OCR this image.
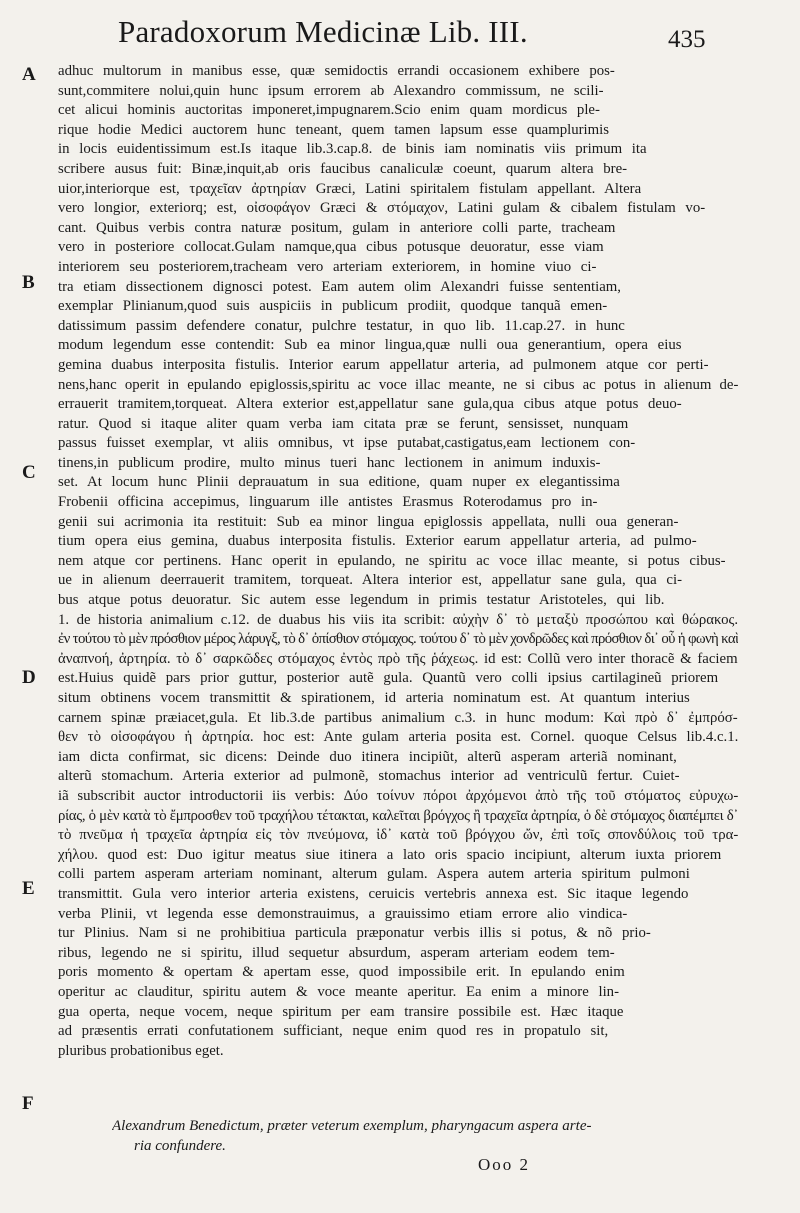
Paradoxorum Medicinæ Lib. III.	435
A
B
C
D
E
F
adhuc multorum in manibus esse, quæ semidoctis errandi occasionem exhibere pos-
sunt,commitere nolui,quin hunc ipsum errorem ab Alexandro commissum, ne scili-
cet alicui hominis auctoritas imponeret,impugnarem.Scio enim quam mordicus ple-
rique hodie Medici auctorem hunc teneant, quem tamen lapsum esse quamplurimis
in locis euidentissimum est.Is itaque lib.3.cap.8. de binis iam nominatis viis primum ita
scribere ausus fuit: Binæ,inquit,ab oris faucibus canaliculæ coeunt, quarum altera bre-
uior,interiorque est, τραχεῖαν ἀρτηρίαν Græci, Latini spiritalem fistulam appellant. Altera
vero longior, exteriorq; est, οἰσοφάγον Græci & στόμαχον, Latini gulam & cibalem fistulam vo-
cant. Quibus verbis contra naturæ positum, gulam in anteriore colli parte, tracheam
vero in posteriore collocat.Gulam namque,qua cibus potusque deuoratur, esse viam
interiorem seu posteriorem,tracheam vero arteriam exteriorem, in homine viuo ci-
tra etiam dissectionem dignosci potest. Eam autem olim Alexandri fuisse sententiam,
exemplar Plinianum,quod suis auspiciis in publicum prodiit, quodque tanquã emen-
datissimum passim defendere conatur, pulchre testatur, in quo lib. 11.cap.27. in hunc
modum legendum esse contendit: Sub ea minor lingua,quæ nulli oua generantium, opera eius
gemina duabus interposita fistulis. Interior earum appellatur arteria, ad pulmonem atque cor perti-
nens,hanc operit in epulando epiglossis,spiritu ac voce illac meante, ne si cibus ac potus in alienum de-
errauerit tramitem,torqueat. Altera exterior est,appellatur sane gula,qua cibus atque potus deuo-
ratur. Quod si itaque aliter quam verba iam citata præ se ferunt, sensisset, nunquam
passus fuisset exemplar, vt aliis omnibus, vt ipse putabat,castigatus,eam lectionem con-
tinens,in publicum prodire, multo minus tueri hanc lectionem in animum induxis-
set. At locum hunc Plinii deprauatum in sua editione, quam nuper ex elegantissima
Frobenii officina accepimus, linguarum ille antistes Erasmus Roterodamus pro in-
genii sui acrimonia ita restituit: Sub ea minor lingua epiglossis appellata, nulli oua generan-
tium opera eius gemina, duabus interposita fistulis. Exterior earum appellatur arteria, ad pulmo-
nem atque cor pertinens. Hanc operit in epulando, ne spiritu ac voce illac meante, si potus cibus-
ue in alienum deerrauerit tramitem, torqueat. Altera interior est, appellatur sane gula, qua ci-
bus atque potus deuoratur. Sic autem esse legendum in primis testatur Aristoteles, qui lib.
1. de historia animalium c.12. de duabus his viis ita scribit: αὐχὴν δ᾽ τὸ μεταξὺ προσώπου καὶ θώρακος.
ἐν τούτου τὸ μὲν πρόσθιον μέρος λάρυγξ, τὸ δ᾽ ὀπίσθιον στόμαχος. τούτου δ᾽ τὸ μὲν χονδρῶδες καὶ πρόσθιον δι᾽ οὗ ἡ φωνὴ καὶ
ἀναπνοή, ἀρτηρία. τὸ δ᾽ σαρκῶδες στόμαχος ἐντὸς πρὸ τῆς ῥάχεως. id est: Collũ vero inter thoracẽ & faciem
est.Huius quidẽ pars prior guttur, posterior autẽ gula. Quantũ vero colli ipsius cartilagineũ priorem
situm obtinens vocem transmittit & spirationem, id arteria nominatum est. At quantum interius
carnem spinæ præiacet,gula. Et lib.3.de partibus animalium c.3. in hunc modum: Καὶ πρὸ δ᾽ ἐμπρόσ-
θεν τὸ οἰσοφάγου ἡ ἀρτηρία. hoc est: Ante gulam arteria posita est. Cornel. quoque Celsus lib.4.c.1.
iam dicta confirmat, sic dicens: Deinde duo itinera incipiũt, alterũ asperam arteriã nominant,
alterũ stomachum. Arteria exterior ad pulmonẽ, stomachus interior ad ventriculũ fertur. Cuiet-
iã subscribit auctor introductorii iis verbis: Δύο τοίνυν πόροι ἀρχόμενοι ἀπὸ τῆς τοῦ στόματος εὐρυχω-
ρίας, ὁ μὲν κατὰ τὸ ἔμπροσθεν τοῦ τραχήλου τέτακται, καλεῖται βρόγχος ἢ τραχεῖα ἀρτηρία, ὁ δὲ στόμαχος διαπέμπει δ᾽
τὸ πνεῦμα ἡ τραχεῖα ἀρτηρία εἰς τὸν πνεύμονα, ἰδ᾽ κατὰ τοῦ βρόγχου ὤν, ἐπὶ τοῖς σπονδύλοις τοῦ τρα-
χήλου. quod est: Duo igitur meatus siue itinera a lato oris spacio incipiunt, alterum iuxta priorem
colli partem asperam arteriam nominant, alterum gulam. Aspera autem arteria spiritum pulmoni
transmittit. Gula vero interior arteria existens, ceruicis vertebris annexa est. Sic itaque legendo
verba Plinii, vt legenda esse demonstrauimus, a grauissimo etiam errore alio vindica-
tur Plinius. Nam si ne prohibitiua particula præponatur verbis illis si potus, & nõ prio-
ribus, legendo ne si spiritu, illud sequetur absurdum, asperam arteriam eodem tem-
poris momento & opertam & apertam esse, quod impossibile erit. In epulando enim
operitur ac clauditur, spiritu autem & voce meante aperitur. Ea enim a minore lin-
gua operta, neque vocem, neque spiritum per eam transire possibile est. Hæc itaque
ad præsentis errati confutationem sufficiant, neque enim quod res in propatulo sit,
pluribus probationibus eget.
Alexandrum Benedictum, præter veterum exemplum, pharyngacum aspera arte-
ria confundere.
Ooo 2
